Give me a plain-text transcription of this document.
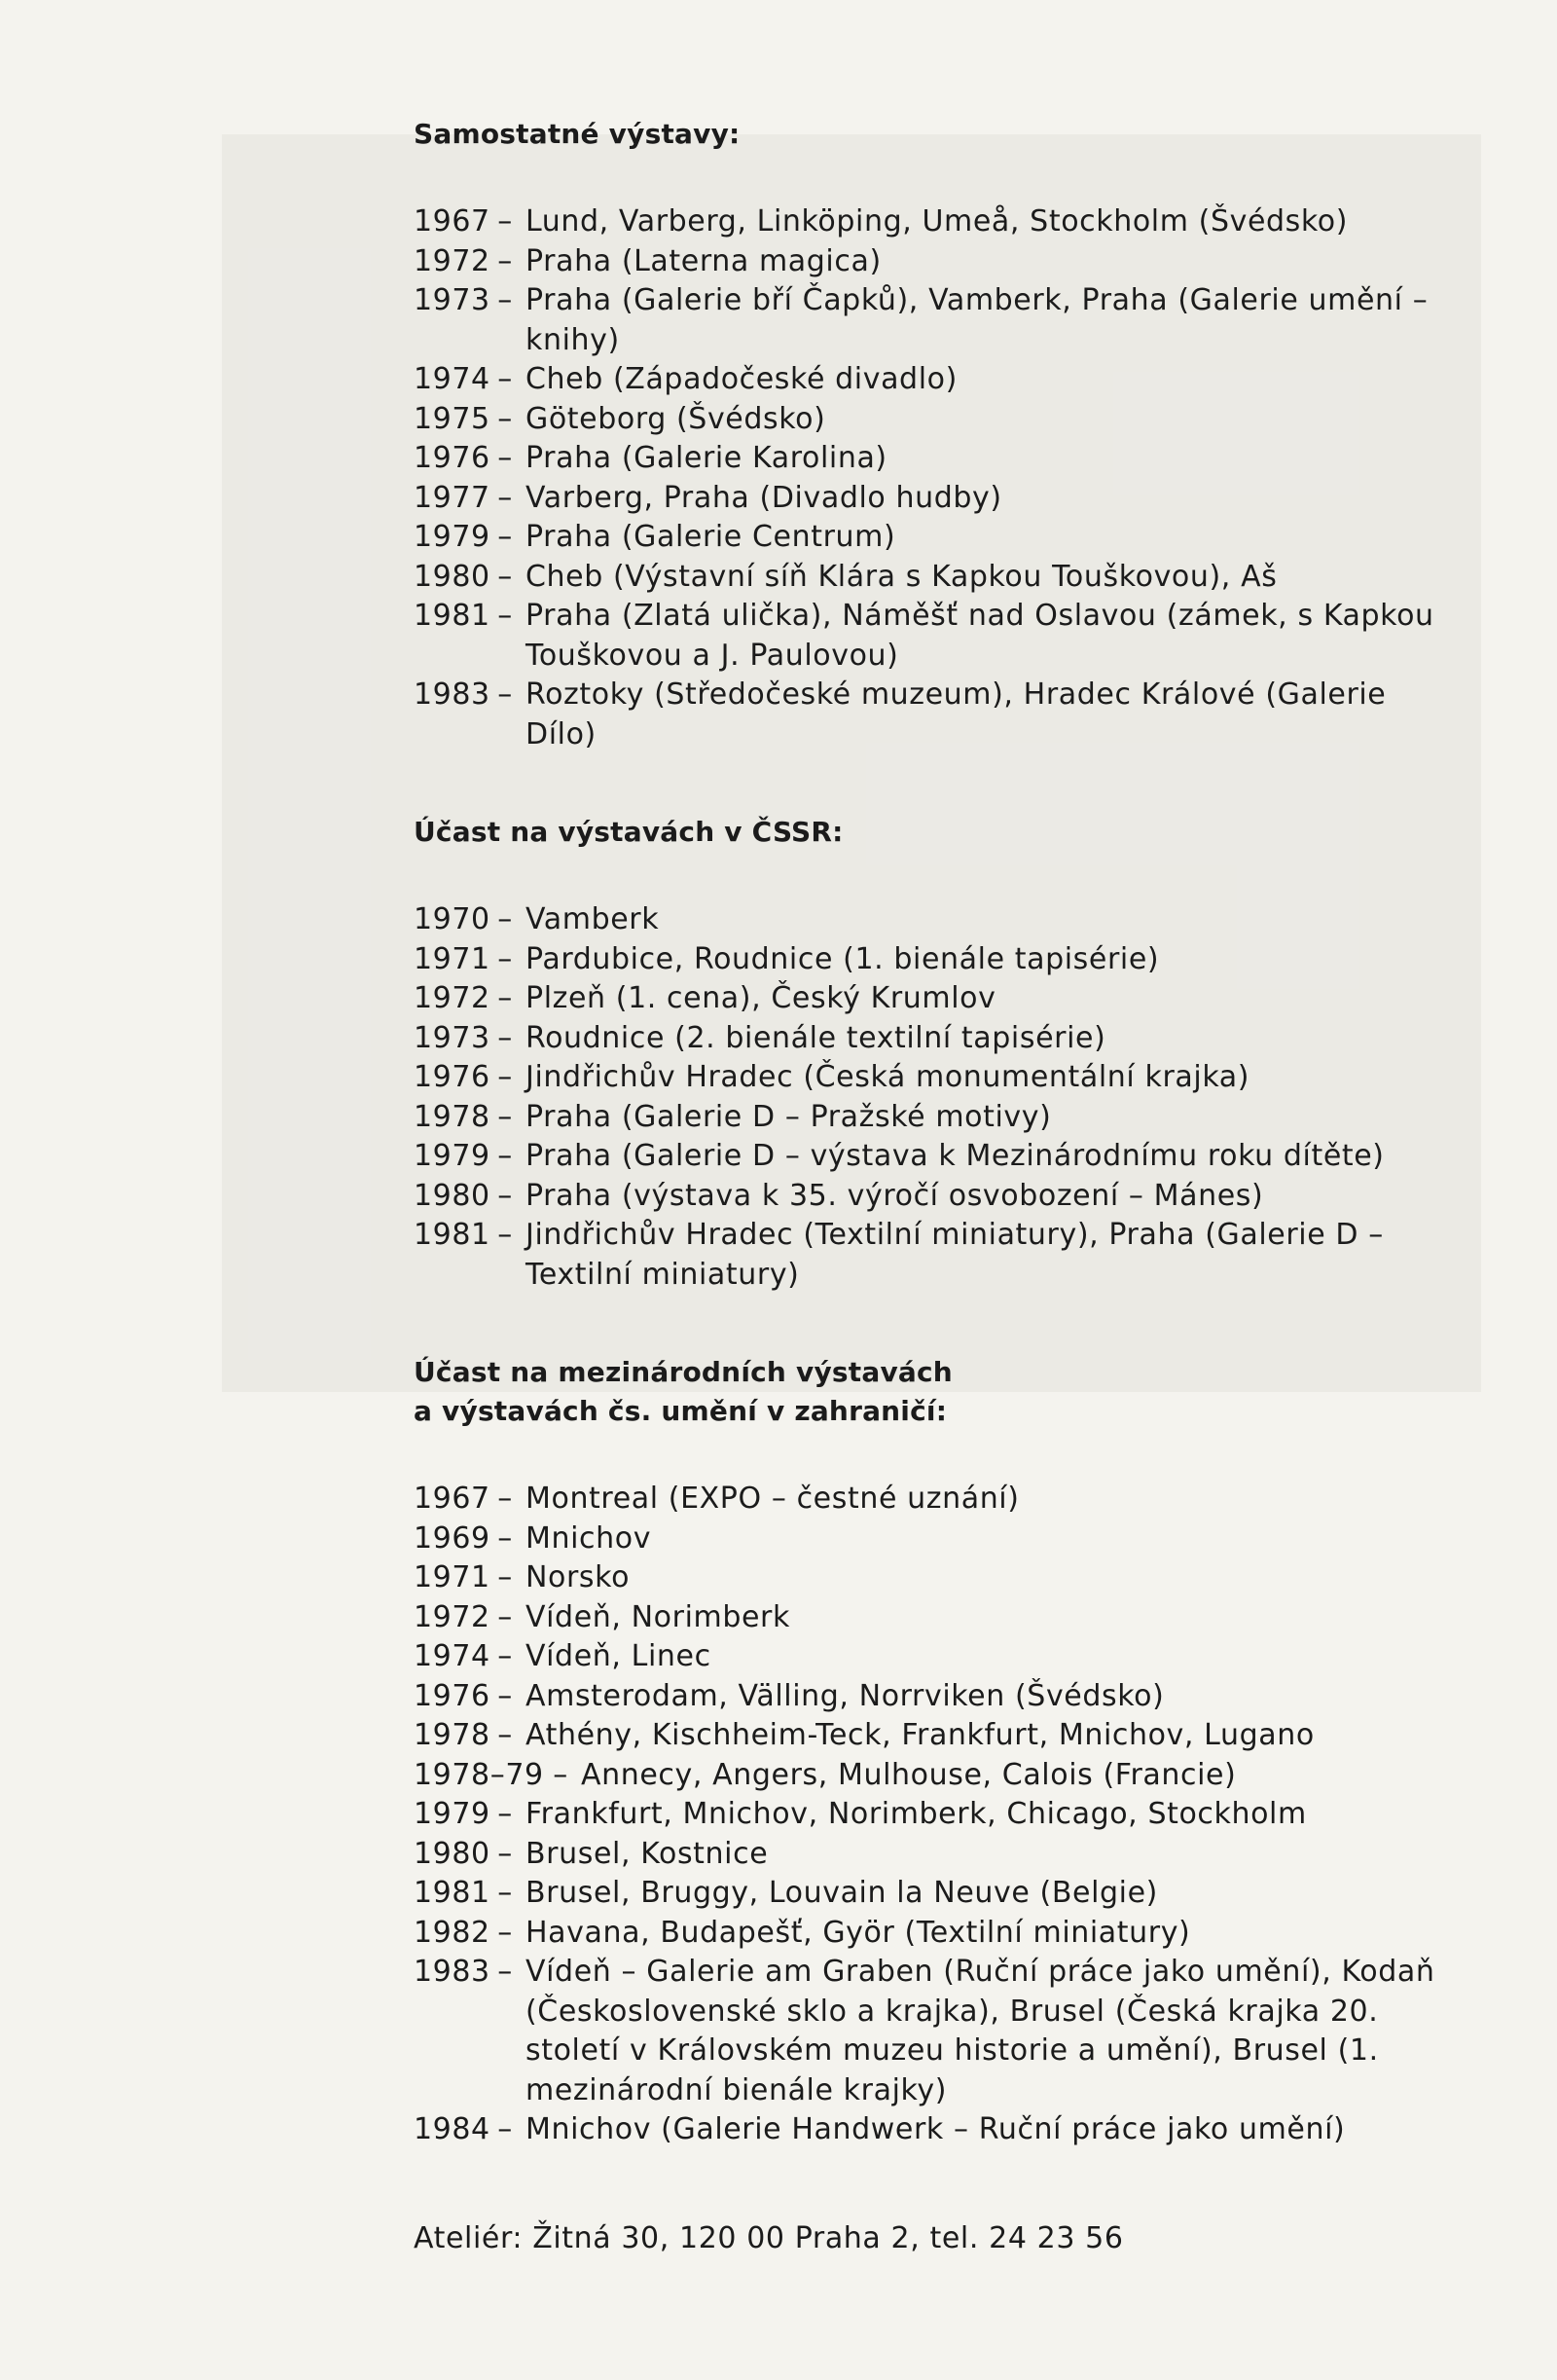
Samostatné výstavy:
1967 – Lund, Varberg, Linköping, Umeå, Stockholm (Švédsko)
1972 – Praha (Laterna magica)
1973 – Praha (Galerie bří Čapků), Vamberk, Praha (Galerie umění – knihy)
1974 – Cheb (Západočeské divadlo)
1975 – Göteborg (Švédsko)
1976 – Praha (Galerie Karolina)
1977 – Varberg, Praha (Divadlo hudby)
1979 – Praha (Galerie Centrum)
1980 – Cheb (Výstavní síň Klára s Kapkou Touškovou), Aš
1981 – Praha (Zlatá ulička), Náměšť nad Oslavou (zámek, s Kapkou Touškovou a J. Paulovou)
1983 – Roztoky (Středočeské muzeum), Hradec Králové (Galerie Dílo)
Účast na výstavách v ČSSR:
1970 – Vamberk
1971 – Pardubice, Roudnice (1. bienále tapisérie)
1972 – Plzeň (1. cena), Český Krumlov
1973 – Roudnice (2. bienále textilní tapisérie)
1976 – Jindřichův Hradec (Česká monumentální krajka)
1978 – Praha (Galerie D – Pražské motivy)
1979 – Praha (Galerie D – výstava k Mezinárodnímu roku dítěte)
1980 – Praha (výstava k 35. výročí osvobození – Mánes)
1981 – Jindřichův Hradec (Textilní miniatury), Praha (Galerie D – Textilní miniatury)
Účast na mezinárodních výstavách
a výstavách čs. umění v zahraničí:
1967 – Montreal (EXPO – čestné uznání)
1969 – Mnichov
1971 – Norsko
1972 – Vídeň, Norimberk
1974 – Vídeň, Linec
1976 – Amsterodam, Välling, Norrviken (Švédsko)
1978 – Athény, Kischheim-Teck, Frankfurt, Mnichov, Lugano
1978–79 – Annecy, Angers, Mulhouse, Calois (Francie)
1979 – Frankfurt, Mnichov, Norimberk, Chicago, Stockholm
1980 – Brusel, Kostnice
1981 – Brusel, Bruggy, Louvain la Neuve (Belgie)
1982 – Havana, Budapešť, Györ (Textilní miniatury)
1983 – Vídeň – Galerie am Graben (Ruční práce jako umění), Kodaň (Československé sklo a krajka), Brusel (Česká krajka 20. století v Královském muzeu historie a umění), Brusel (1. mezinárodní bienále krajky)
1984 – Mnichov (Galerie Handwerk – Ruční práce jako umění)
Ateliér: Žitná 30, 120 00 Praha 2, tel. 24 23 56
